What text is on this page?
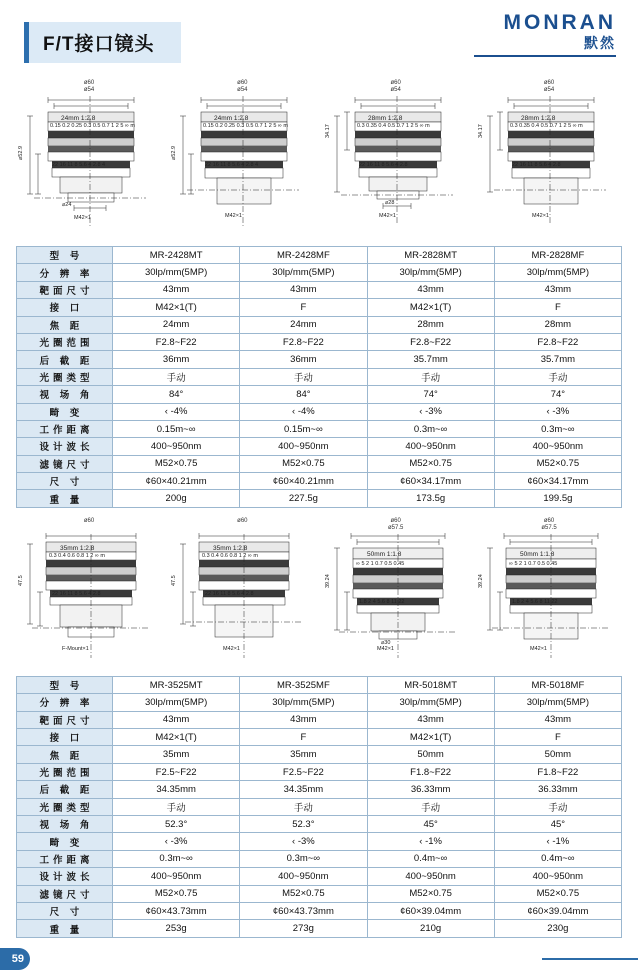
F/T接口镜头
MONRAN
默然
ø60
ø54
24mm 1:2.8
0.15 0.2 0.25 0.3 0.5 0.7 1 2 5 ∞ m
22 16 11 8 5.6 4 2.8 4
M42×1
⌀52.9
⌀24
ø60
ø54
24mm 1:2.8
0.15 0.2 0.25 0.3 0.5 0.7 1 2 5 ∞ m
22 16 11 8 5.6 4 2.8 4
M42×1
⌀52.9
ø60
ø54
28mm 1:2.8
0.3 0.35 0.4 0.5 0.7 1 2 5 ∞ m
22 16 11 8 5.6 4 2.8
M42×1
34.17
⌀28
ø60
ø54
28mm 1:2.8
0.3 0.35 0.4 0.5 0.7 1 2 5 ∞ m
22 16 11 8 5.6 4 2.8
M42×1
34.17
型 号	MR-2428MT	MR-2428MF	MR-2828MT	MR-2828MF
分 辨 率	30lp/mm(5MP)	30lp/mm(5MP)	30lp/mm(5MP)	30lp/mm(5MP)
靶面尺寸	43mm	43mm	43mm	43mm
接 口	M42×1(T)	F	M42×1(T)	F
焦 距	24mm	24mm	28mm	28mm
光圈范围	F2.8~F22	F2.8~F22	F2.8~F22	F2.8~F22
后 截 距	36mm	36mm	35.7mm	35.7mm
光圈类型	手动	手动	手动	手动
视 场 角	84°	84°	74°	74°
畸 变	‹ -4%	‹ -4%	‹ -3%	‹ -3%
工作距离	0.15m~∞	0.15m~∞	0.3m~∞	0.3m~∞
设计波长	400~950nm	400~950nm	400~950nm	400~950nm
滤镜尺寸	M52×0.75	M52×0.75	M52×0.75	M52×0.75
尺 寸	¢60×40.21mm	¢60×40.21mm	¢60×34.17mm	¢60×34.17mm
重 量	200g	227.5g	173.5g	199.5g
ø60
35mm 1:2.8
0.3 0.4 0.6 0.8 1 2 ∞ m
22 16 11 8 5.6 4 2.8
F-Mount×1
47.5
ø60
35mm 1:2.8
0.3 0.4 0.6 0.8 1 2 ∞ m
22 16 11 8 5.6 4 2.8
M42×1
47.5
ø60
ø57.5
50mm 1:1.8
∞ 5 2 1 0.7 0.5 0.45
1.8 2 4 5.6 8 11 22
M42×1
39.24
⌀30
ø60
ø57.5
50mm 1:1.8
∞ 5 2 1 0.7 0.5 0.45
1.8 2 4 5.6 8 11 22
M42×1
39.24
型 号	MR-3525MT	MR-3525MF	MR-5018MT	MR-5018MF
分 辨 率	30lp/mm(5MP)	30lp/mm(5MP)	30lp/mm(5MP)	30lp/mm(5MP)
靶面尺寸	43mm	43mm	43mm	43mm
接 口	M42×1(T)	F	M42×1(T)	F
焦 距	35mm	35mm	50mm	50mm
光圈范围	F2.5~F22	F2.5~F22	F1.8~F22	F1.8~F22
后 截 距	34.35mm	34.35mm	36.33mm	36.33mm
光圈类型	手动	手动	手动	手动
视 场 角	52.3°	52.3°	45°	45°
畸 变	‹ -3%	‹ -3%	‹ -1%	‹ -1%
工作距离	0.3m~∞	0.3m~∞	0.4m~∞	0.4m~∞
设计波长	400~950nm	400~950nm	400~950nm	400~950nm
滤镜尺寸	M52×0.75	M52×0.75	M52×0.75	M52×0.75
尺 寸	¢60×43.73mm	¢60×43.73mm	¢60×39.04mm	¢60×39.04mm
重 量	253g	273g	210g	230g
59
